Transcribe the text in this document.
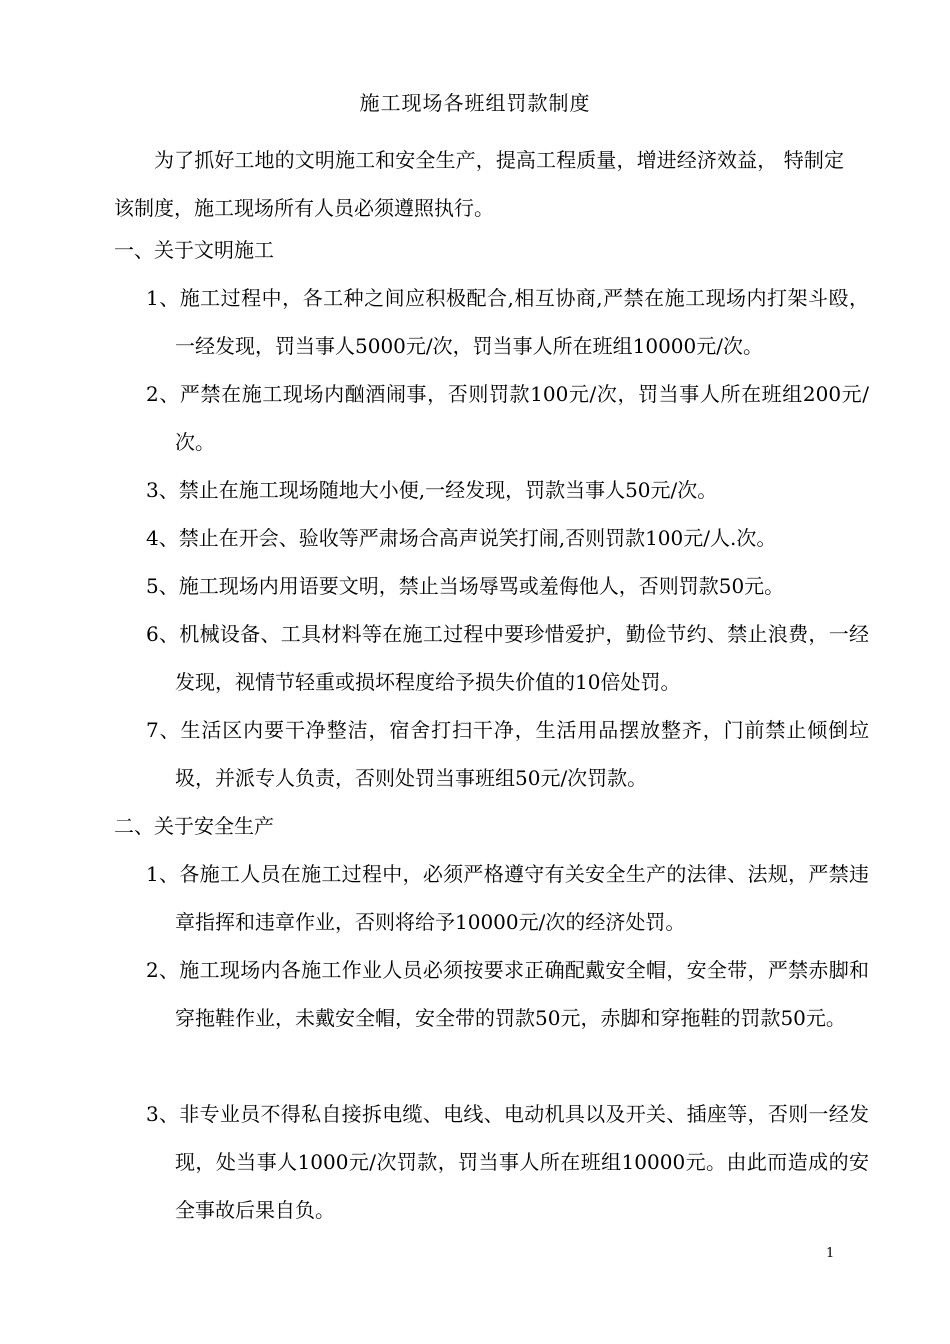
施工现场各班组罚款制度
为了抓好工地的文明施工和安全生产，提高工程质量，增进经济效益， 特制定该制度，施工现场所有人员必须遵照执行。
一、关于文明施工
1、施工过程中，各工种之间应积极配合,相互协商,严禁在施工现场内打架斗殴，一经发现，罚当事人5000元/次，罚当事人所在班组10000元/次。
2、严禁在施工现场内酗酒闹事，否则罚款100元/次，罚当事人所在班组200元/次。
3、禁止在施工现场随地大小便,一经发现，罚款当事人50元/次。
4、禁止在开会、验收等严肃场合高声说笑打闹,否则罚款100元/人.次。
5、施工现场内用语要文明，禁止当场辱骂或羞侮他人，否则罚款50元。
6、机械设备、工具材料等在施工过程中要珍惜爱护，勤俭节约、禁止浪费，一经发现，视情节轻重或损坏程度给予损失价值的10倍处罚。
7、生活区内要干净整洁，宿舍打扫干净，生活用品摆放整齐，门前禁止倾倒垃圾，并派专人负责，否则处罚当事班组50元/次罚款。
二、关于安全生产
1、各施工人员在施工过程中，必须严格遵守有关安全生产的法律、法规，严禁违章指挥和违章作业，否则将给予10000元/次的经济处罚。
2、施工现场内各施工作业人员必须按要求正确配戴安全帽，安全带，严禁赤脚和穿拖鞋作业，未戴安全帽，安全带的罚款50元，赤脚和穿拖鞋的罚款50元。
3、非专业员不得私自接拆电缆、电线、电动机具以及开关、插座等，否则一经发现，处当事人1000元/次罚款，罚当事人所在班组10000元。由此而造成的安全事故后果自负。
1
